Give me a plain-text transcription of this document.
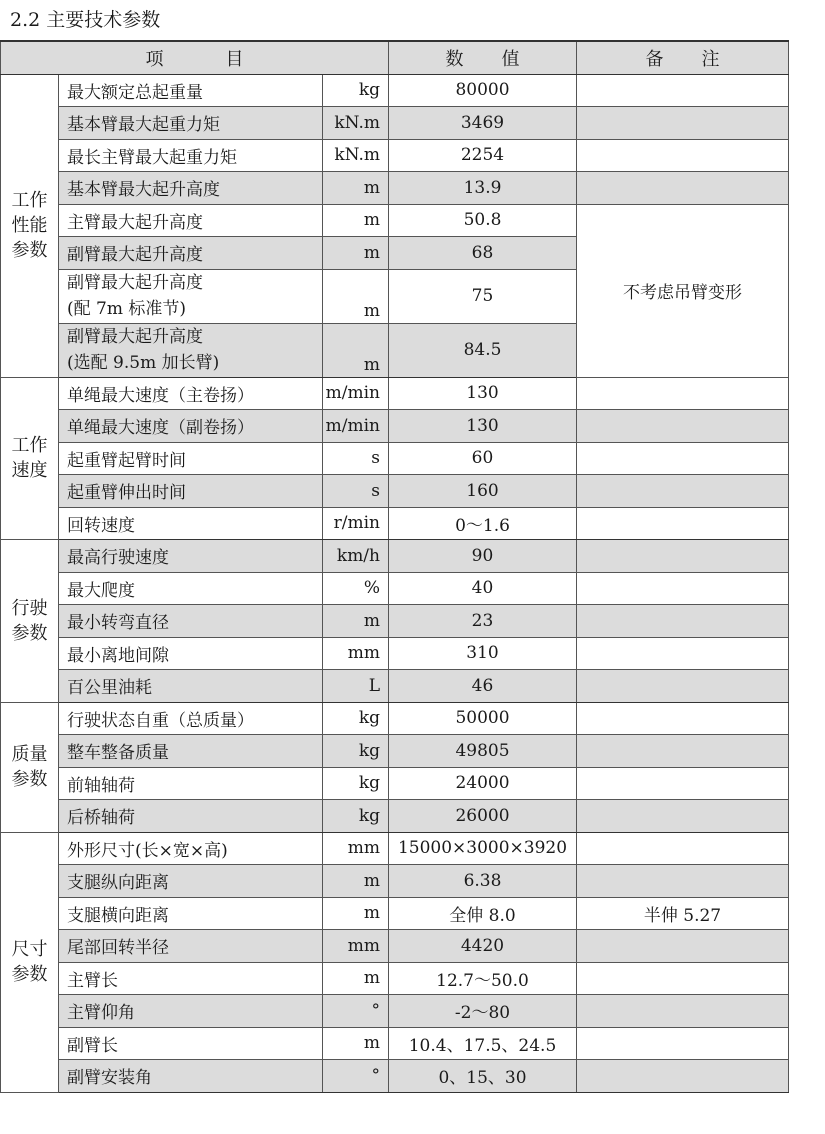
2.2 主要技术参数
项 目			数 值	备 注

工作
性能
参数	最大额定总起重量	kg	80000	

	基本臂最大起重力矩	kN.m	3469	

	最长主臂最大起重力矩	kN.m	2254	

	基本臂最大起升高度	m	13.9	

	主臂最大起升高度	m	50.8	不考虑吊臂变形

	副臂最大起升高度	m	68	

	副臂最大起升高度
(配 7m 标准节)	m	75	

	副臂最大起升高度
(选配 9.5m 加长臂)	m	84.5	

工作
速度	单绳最大速度（主卷扬）	m/min	130	

	单绳最大速度（副卷扬）	m/min	130	

	起重臂起臂时间	s	60	

	起重臂伸出时间	s	160	

	回转速度	r/min	0～1.6	

行驶
参数	最高行驶速度	km/h	90	

	最大爬度	%	40	

	最小转弯直径	m	23	

	最小离地间隙	mm	310	

	百公里油耗	L	46	

质量
参数	行驶状态自重（总质量）	kg	50000	

	整车整备质量	kg	49805	

	前轴轴荷	kg	24000	

	后桥轴荷	kg	26000	

尺寸
参数	外形尺寸(长×宽×高)	mm	15000×3000×3920	

	支腿纵向距离	m	6.38	

	支腿横向距离	m	全伸 8.0	半伸 5.27

	尾部回转半径	mm	4420	

	主臂长	m	12.7～50.0	

	主臂仰角	°	-2～80	

	副臂长	m	10.4、17.5、24.5	

	副臂安装角	°	0、15、30	
